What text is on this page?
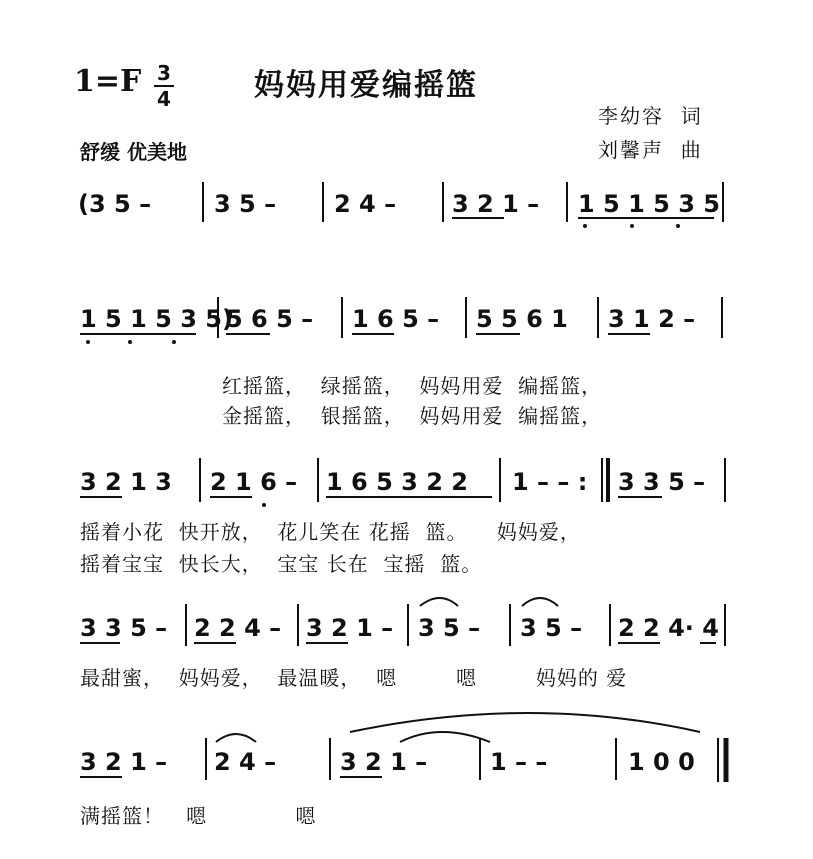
1=F 3
4	妈妈用爱编摇篮
李幼容  词
刘馨声  曲
舒缓 优美地
(3 5 –	3 5 – 2 4 – 3 2 1 – 1 5 1 5 3 5
1 5 1 5 3 5)
5 6 5 – 1 6 5 – 5 5 6 1 3 1 2 –
3 2 1 3 2 1 6 – 1 6 5 3 2 2 1 – – : 3 3 5 –
3 3 5 – 2 2 4 – 3 2 1 – 3 5 – 3 5 – 2 2 4· 4
3 2 1 – 2 4 –	3 2 1 –	1 – –	1 0 0
红摇篮，  绿摇篮，  妈妈用爱  编摇篮，
金摇篮，  银摇篮，  妈妈用爱  编摇篮，
摇着小花  快开放，  花儿笑在 花摇  篮。    妈妈爱，
摇着宝宝  快长大，  宝宝 长在  宝摇  篮。
最甜蜜，  妈妈爱，  最温暖，  嗯        嗯        妈妈的 爱
满摇篮！   嗯            嗯
